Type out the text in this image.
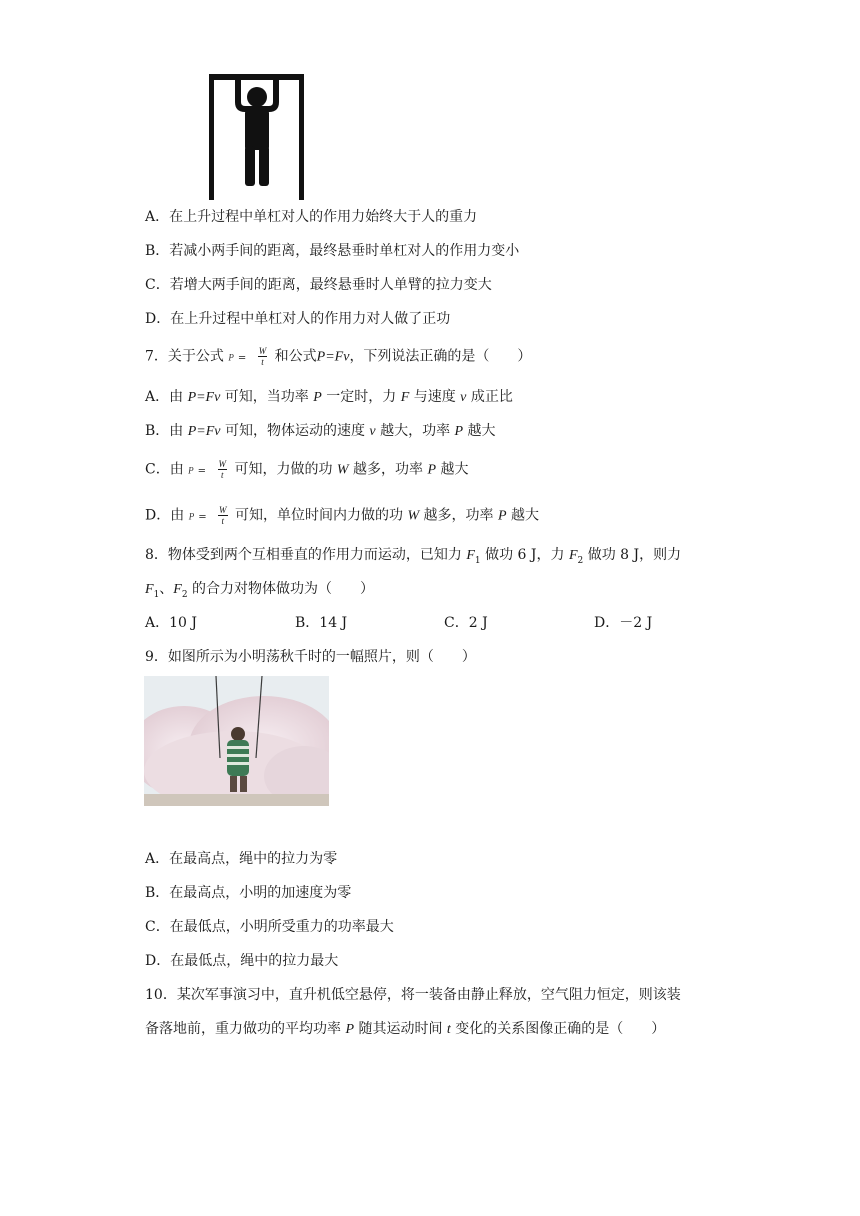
A．在上升过程中单杠对人的作用力始终大于人的重力
B．若减小两手间的距离，最终悬垂时单杠对人的作用力变小
C．若增大两手间的距离，最终悬垂时人单臂的拉力变大
D．在上升过程中单杠对人的作用力对人做了正功
7．关于公式 $P = \frac{W}{t}$ 和公式P=Fv，下列说法正确的是（　　）
A．由 P=Fv 可知，当功率 P 一定时，力 F 与速度 v 成正比
B．由 P=Fv 可知，物体运动的速度 v 越大，功率 P 越大
C．由 $P = \frac{W}{t}$ 可知，力做的功 W 越多，功率 P 越大
D．由 $P = \frac{W}{t}$ 可知，单位时间内力做的功 W 越多，功率 P 越大
8．物体受到两个互相垂直的作用力而运动，已知力 $F_1$ 做功 6 J，力 $F_2$ 做功 8 J，则力
$F_1$、$F_2$ 的合力对物体做功为（　　）
A．10 J	B．14 J	C．2 J	D．－2 J
9．如图所示为小明荡秋千时的一幅照片，则（　　）
A．在最高点，绳中的拉力为零
B．在最高点，小明的加速度为零
C．在最低点，小明所受重力的功率最大
D．在最低点，绳中的拉力最大
10．某次军事演习中，直升机低空悬停，将一装备由静止释放，空气阻力恒定，则该装
备落地前，重力做功的平均功率 P 随其运动时间 t 变化的关系图像正确的是（　　）
